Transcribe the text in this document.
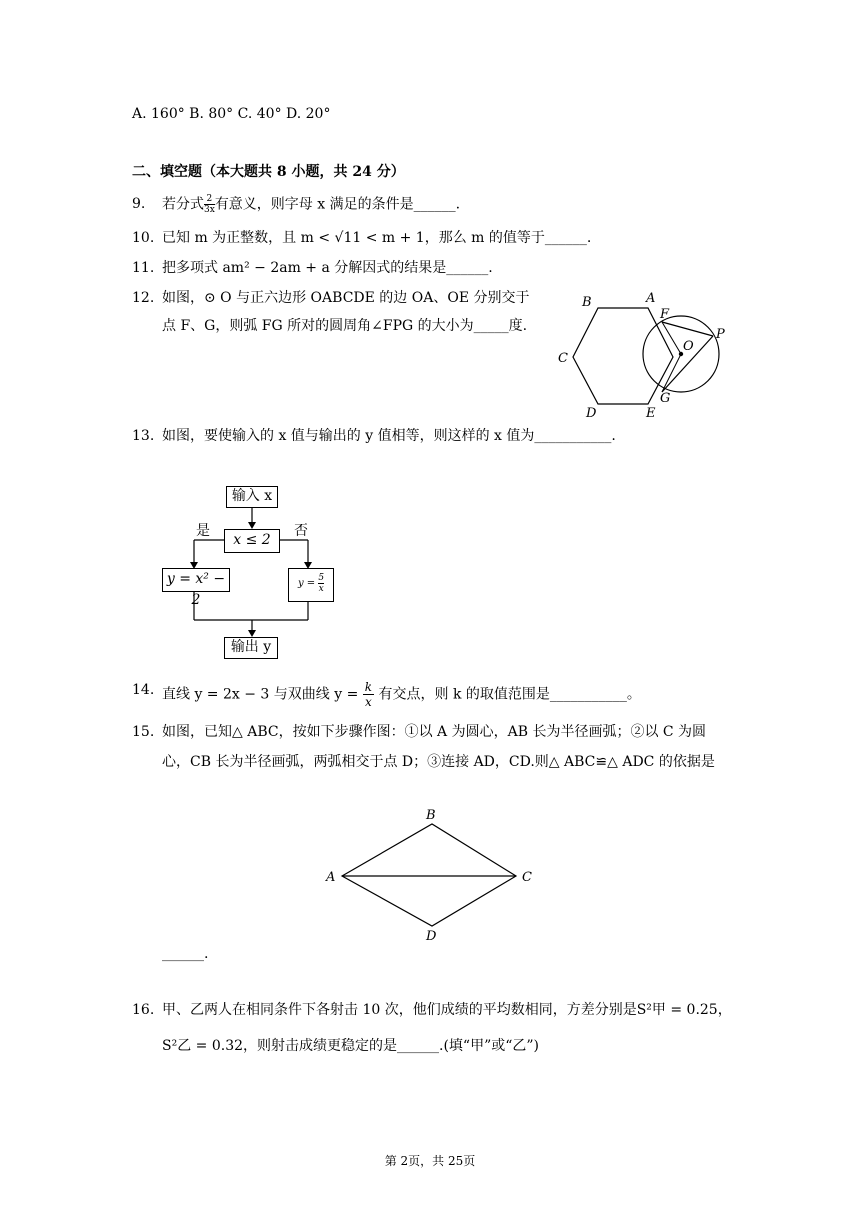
A. 160° B. 80° C. 40° D. 20°
二、填空题（本大题共 8 小题，共 24 分）
9. 若分式 $\frac{2}{3x}$ 有意义，则字母 x 满足的条件是______.
10. 已知 m 为正整数，且 m < √11 < m + 1，那么 m 的值等于______.
11. 把多项式 am² − 2am + a 分解因式的结果是______.
12. 如图，⊙ O 与正六边形 OABCDE 的边 OA、OE 分别交于
点 F、G，则弧 FG 所对的圆周角∠FPG 的大小为_____度.
B	A
F
C
O
P
G
D	E
13. 如图，要使输入的 x 值与输出的 y 值相等，则这样的 x 值为___________.
输入 x
x ≤ 2
是	否
y = x² − 2
$y = \frac{5}{x}$
输出 y
14. 直线 y = 2x − 3 与双曲线 $y = \frac{k}{x}$ 有交点，则 k 的取值范围是___________。
15. 如图，已知△ ABC，按如下步骤作图：①以 A 为圆心，AB 长为半径画弧；②以 C 为圆
心，CB 长为半径画弧，两弧相交于点 D；③连接 AD，CD.则△ ABC≌△ ADC 的依据是
B
A	C
D
______.
16. 甲、乙两人在相同条件下各射击 10 次，他们成绩的平均数相同，方差分别是S²甲 = 0.25，
S²乙 = 0.32，则射击成绩更稳定的是______.(填“甲”或“乙”)
第 2页，共 25页
